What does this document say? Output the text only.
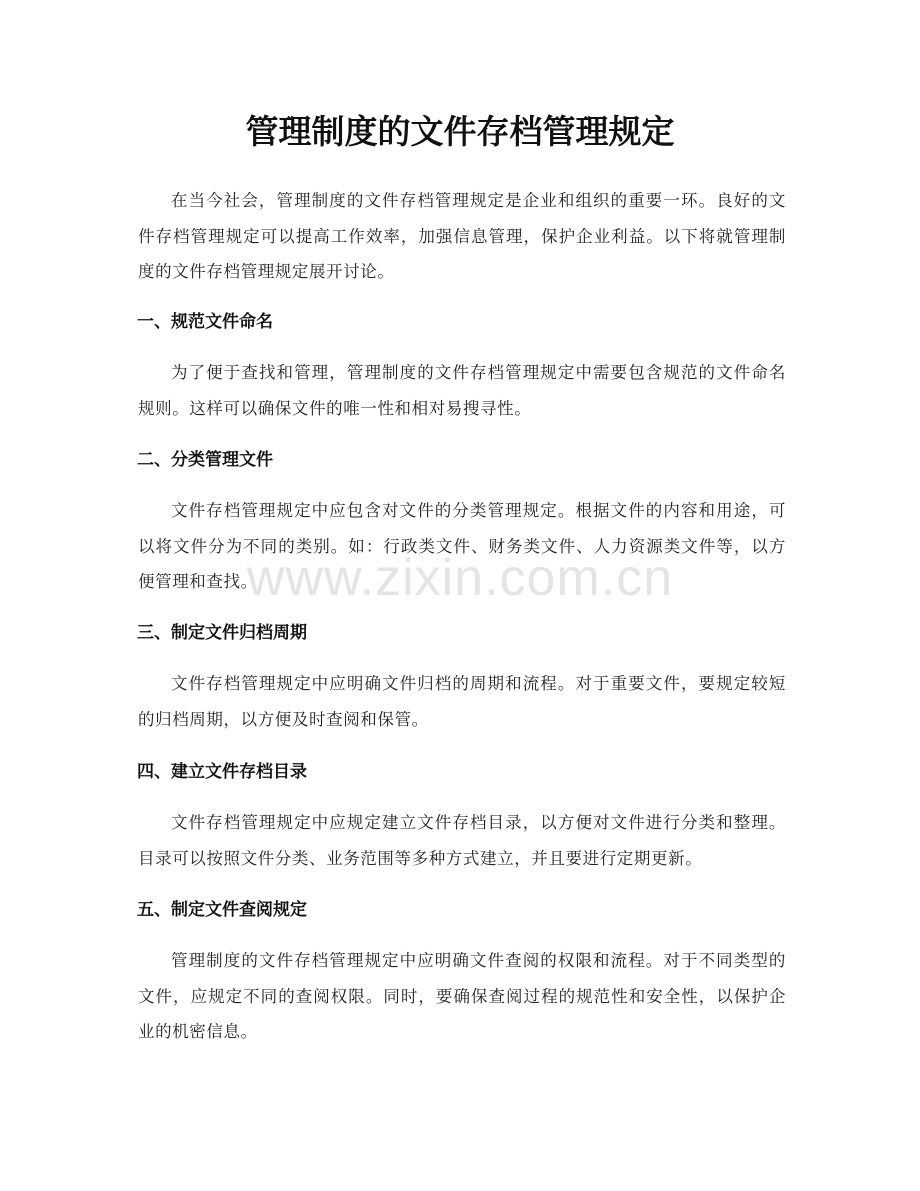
管理制度的文件存档管理规定

在当今社会，管理制度的文件存档管理规定是企业和组织的重要一环。良好的文件存档管理规定可以提高工作效率，加强信息管理，保护企业利益。以下将就管理制度的文件存档管理规定展开讨论。

一、规范文件命名

为了便于查找和管理，管理制度的文件存档管理规定中需要包含规范的文件命名规则。这样可以确保文件的唯一性和相对易搜寻性。

二、分类管理文件

文件存档管理规定中应包含对文件的分类管理规定。根据文件的内容和用途，可以将文件分为不同的类别。如：行政类文件、财务类文件、人力资源类文件等，以方便管理和查找。

三、制定文件归档周期

文件存档管理规定中应明确文件归档的周期和流程。对于重要文件，要规定较短的归档周期，以方便及时查阅和保管。

四、建立文件存档目录

文件存档管理规定中应规定建立文件存档目录，以方便对文件进行分类和整理。目录可以按照文件分类、业务范围等多种方式建立，并且要进行定期更新。

五、制定文件查阅规定

管理制度的文件存档管理规定中应明确文件查阅的权限和流程。对于不同类型的文件，应规定不同的查阅权限。同时，要确保查阅过程的规范性和安全性，以保护企业的机密信息。

www.zixin.com.cn
